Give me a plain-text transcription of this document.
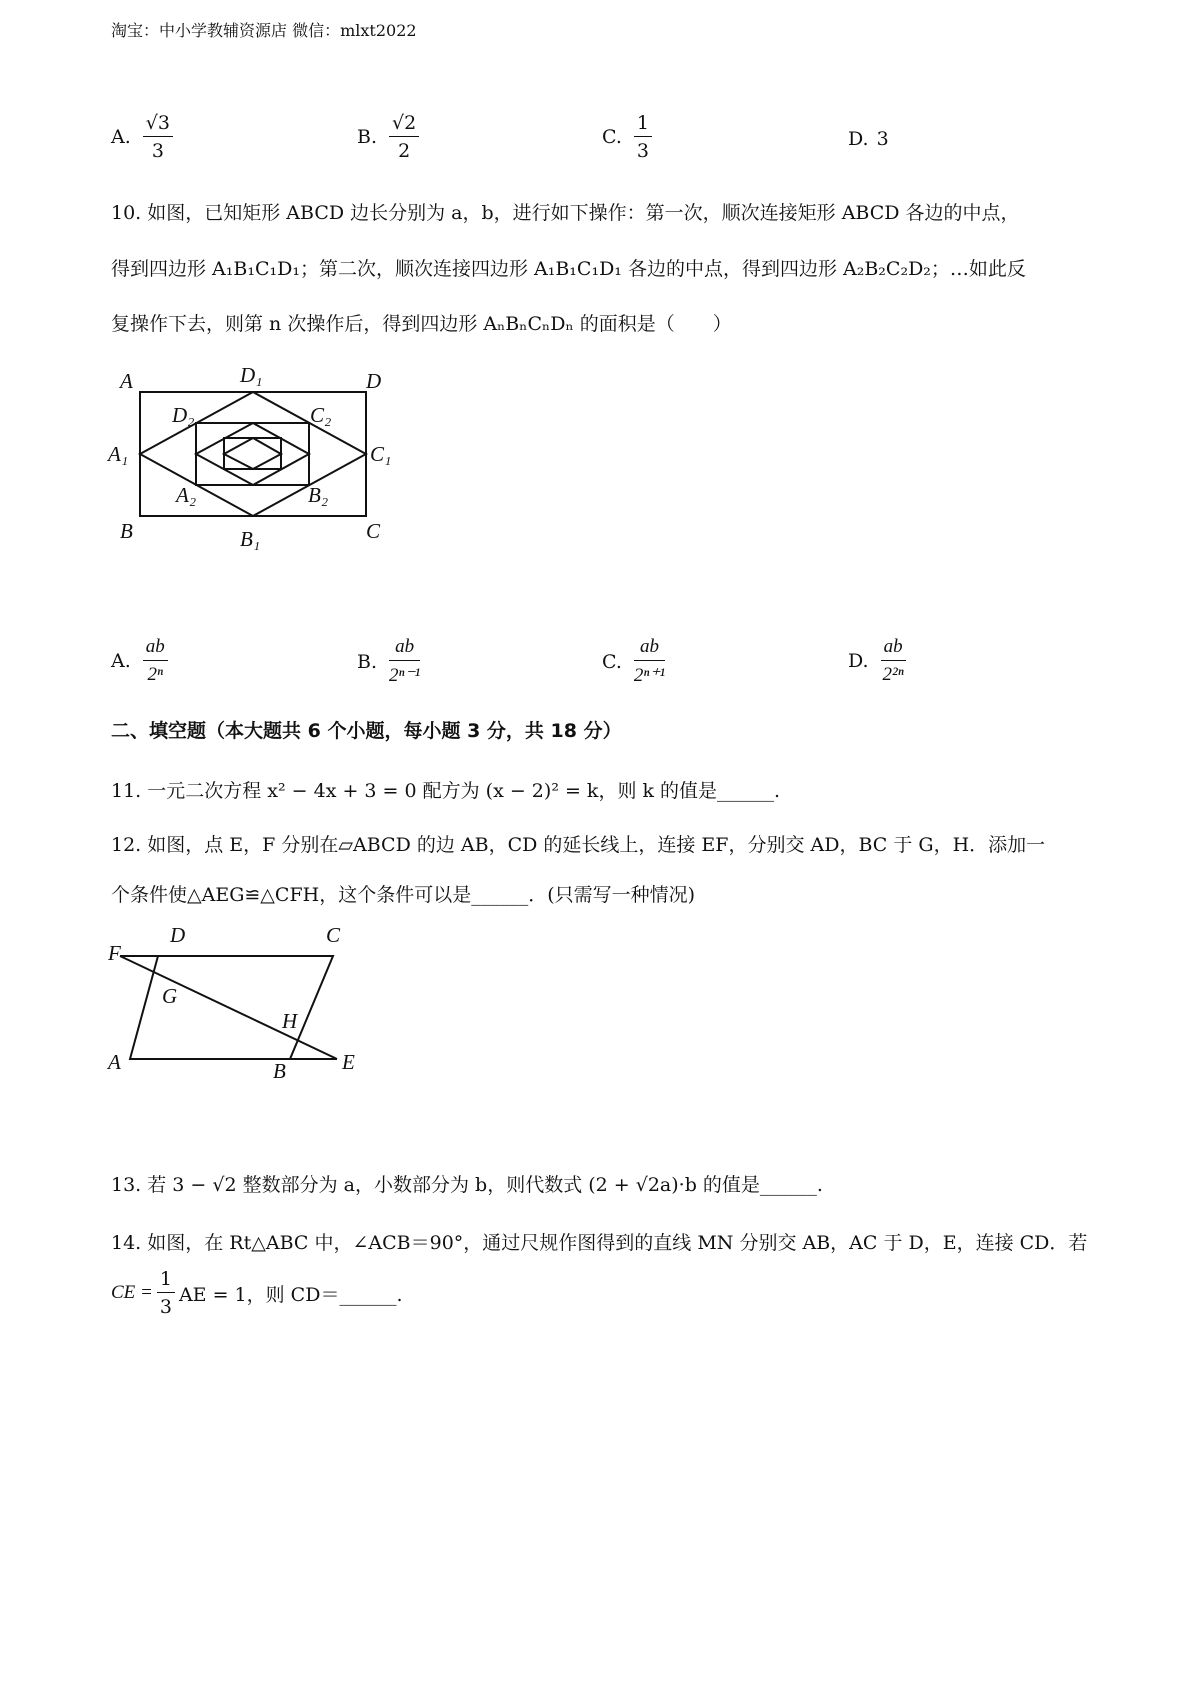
淘宝：中小学教辅资源店 微信：mlxt2022
A. $\frac{√3}{3}$	B. $\frac{√2}{2}$	C. $\frac{1}{3}$	D. 3
10. 如图，已知矩形 ABCD 边长分别为 a，b，进行如下操作：第一次，顺次连接矩形 ABCD 各边的中点，
得到四边形 A₁B₁C₁D₁；第二次，顺次连接四边形 A₁B₁C₁D₁ 各边的中点，得到四边形 A₂B₂C₂D₂；…如此反
复操作下去，则第 n 次操作后，得到四边形 AₙBₙCₙDₙ 的面积是（　　）
A	D₁	D
D₂	C₂
A₁	C₁
A₂	B₂
B	B₁	C
A. $\frac{ab}{\text{2ⁿ}}$	B. $\frac{ab}{\text{2ⁿ⁻¹}}$	C. $\frac{ab}{\text{2ⁿ⁺¹}}$	D. $\frac{ab}{\text{2²ⁿ}}$
二、填空题（本大题共 6 个小题，每小题 3 分，共 18 分）
11. 一元二次方程 x² − 4x + 3 = 0 配方为 (x − 2)² = k，则 k 的值是______.
12. 如图，点 E，F 分别在▱ABCD 的边 AB，CD 的延长线上，连接 EF，分别交 AD，BC 于 G，H．添加一
个条件使△AEG≌△CFH，这个条件可以是______．(只需写一种情况)
F
D	C
G
H
A	B	E
13. 若 3 − √2 整数部分为 a，小数部分为 b，则代数式 (2 + √2a)·b 的值是______.
14. 如图，在 Rt△ABC 中，∠ACB＝90°，通过尺规作图得到的直线 MN 分别交 AB，AC 于 D，E，连接 CD．若
CE = $\frac{1}{3}$ AE = 1，则 CD＝______.
